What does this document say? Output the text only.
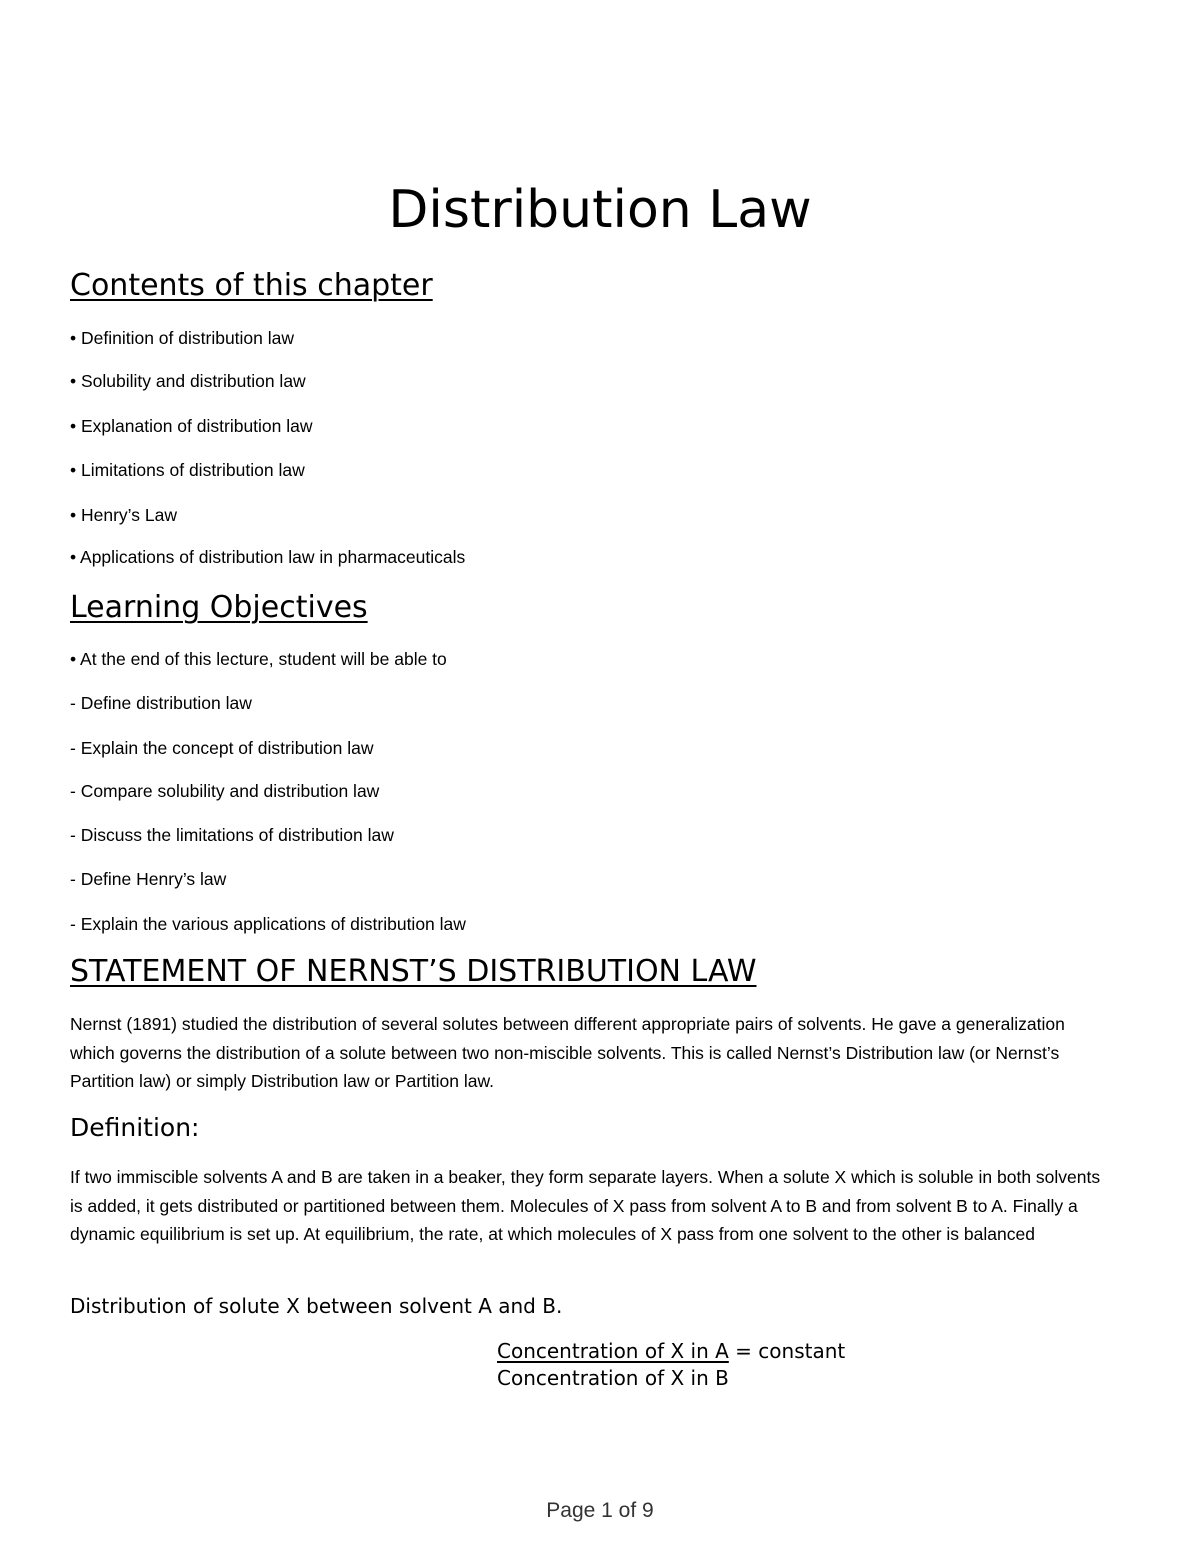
Distribution Law
Contents of this chapter
• Definition of distribution law
• Solubility and distribution law
• Explanation of distribution law
• Limitations of distribution law
• Henry’s Law
• Applications of distribution law in pharmaceuticals
Learning Objectives
• At the end of this lecture, student will be able to
- Define distribution law
- Explain the concept of distribution law
- Compare solubility and distribution law
- Discuss the limitations of distribution law
- Define Henry’s law
- Explain the various applications of distribution law
STATEMENT OF NERNST’S DISTRIBUTION LAW

Nernst (1891) studied the distribution of several solutes between different appropriate pairs of solvents. He gave a generalization which governs the distribution of a solute between two non-miscible solvents. This is called Nernst’s Distribution law (or Nernst’s Partition law) or simply Distribution law or Partition law.

Definition:

If two immiscible solvents A and B are taken in a beaker, they form separate layers. When a solute X which is soluble in both solvents is added, it gets distributed or partitioned between them. Molecules of X pass from solvent A to B and from solvent B to A. Finally a dynamic equilibrium is set up. At equilibrium, the rate, at which molecules of X pass from one solvent to the other is balanced

Distribution of solute X between solvent A and B.
Concentration of X in A = constant
Concentration of X in B
Page 1 of 9
